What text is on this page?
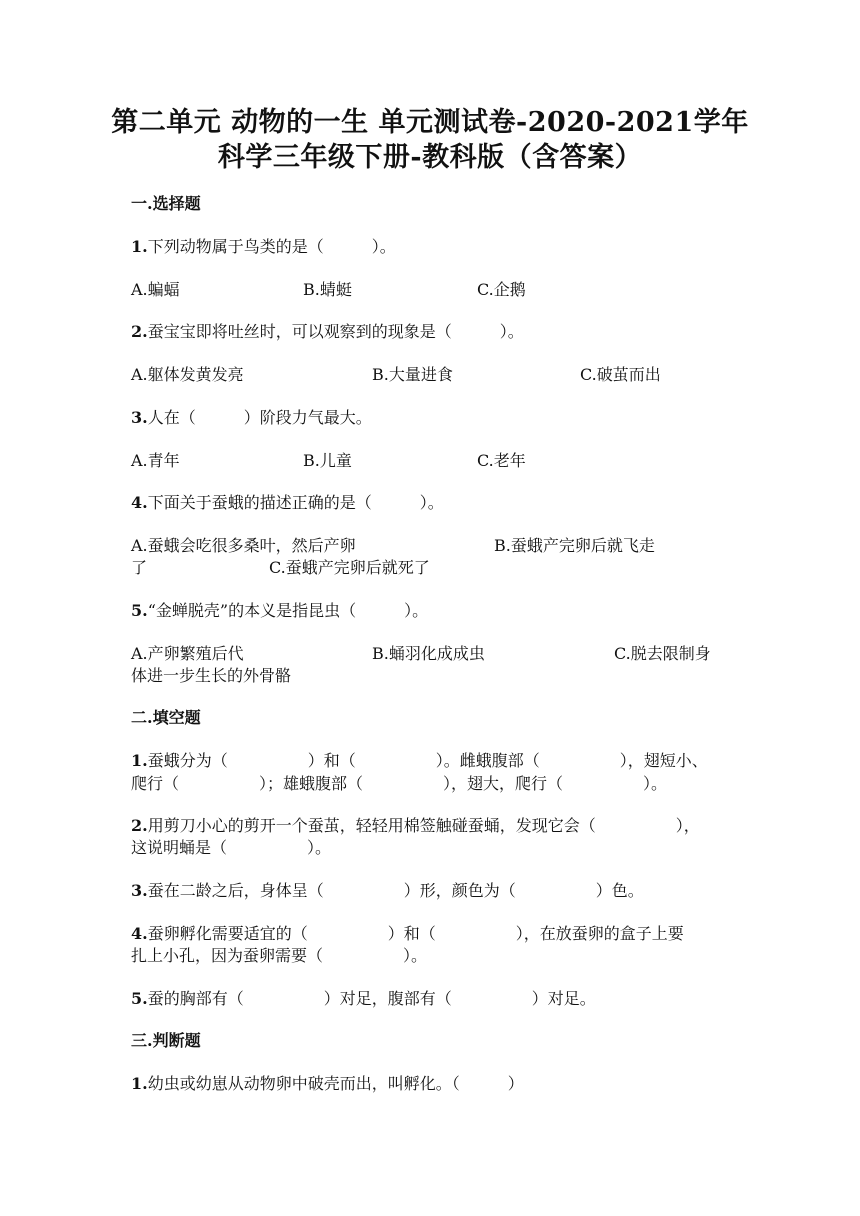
第二单元 动物的一生 单元测试卷-2020-2021学年
科学三年级下册-教科版（含答案）
一.选择题
1.下列动物属于鸟类的是（　　　）。
A.蝙蝠	B.蜻蜓	C.企鹅
2.蚕宝宝即将吐丝时，可以观察到的现象是（　　　）。
A.躯体发黄发亮	B.大量进食	C.破茧而出
3.人在（　　　）阶段力气最大。
A.青年	B.儿童	C.老年
4.下面关于蚕蛾的描述正确的是（　　　）。
A.蚕蛾会吃很多桑叶，然后产卵	B.蚕蛾产完卵后就飞走
了	C.蚕蛾产完卵后就死了
5.“金蝉脱壳”的本义是指昆虫（　　　）。
A.产卵繁殖后代	B.蛹羽化成成虫	C.脱去限制身
体进一步生长的外骨骼
二.填空题
1.蚕蛾分为（　　　　　）和（　　　　　）。雌蛾腹部（　　　　　），翅短小、
爬行（　　　　　）；雄蛾腹部（　　　　　），翅大，爬行（　　　　　）。
2.用剪刀小心的剪开一个蚕茧，轻轻用棉签触碰蚕蛹，发现它会（　　　　　），
这说明蛹是（　　　　　）。
3.蚕在二龄之后，身体呈（　　　　　）形，颜色为（　　　　　）色。
4.蚕卵孵化需要适宜的（　　　　　）和（　　　　　），在放蚕卵的盒子上要
扎上小孔，因为蚕卵需要（　　　　　）。
5.蚕的胸部有（　　　　　）对足，腹部有（　　　　　）对足。
三.判断题
1.幼虫或幼崽从动物卵中破壳而出，叫孵化。（　　　）
